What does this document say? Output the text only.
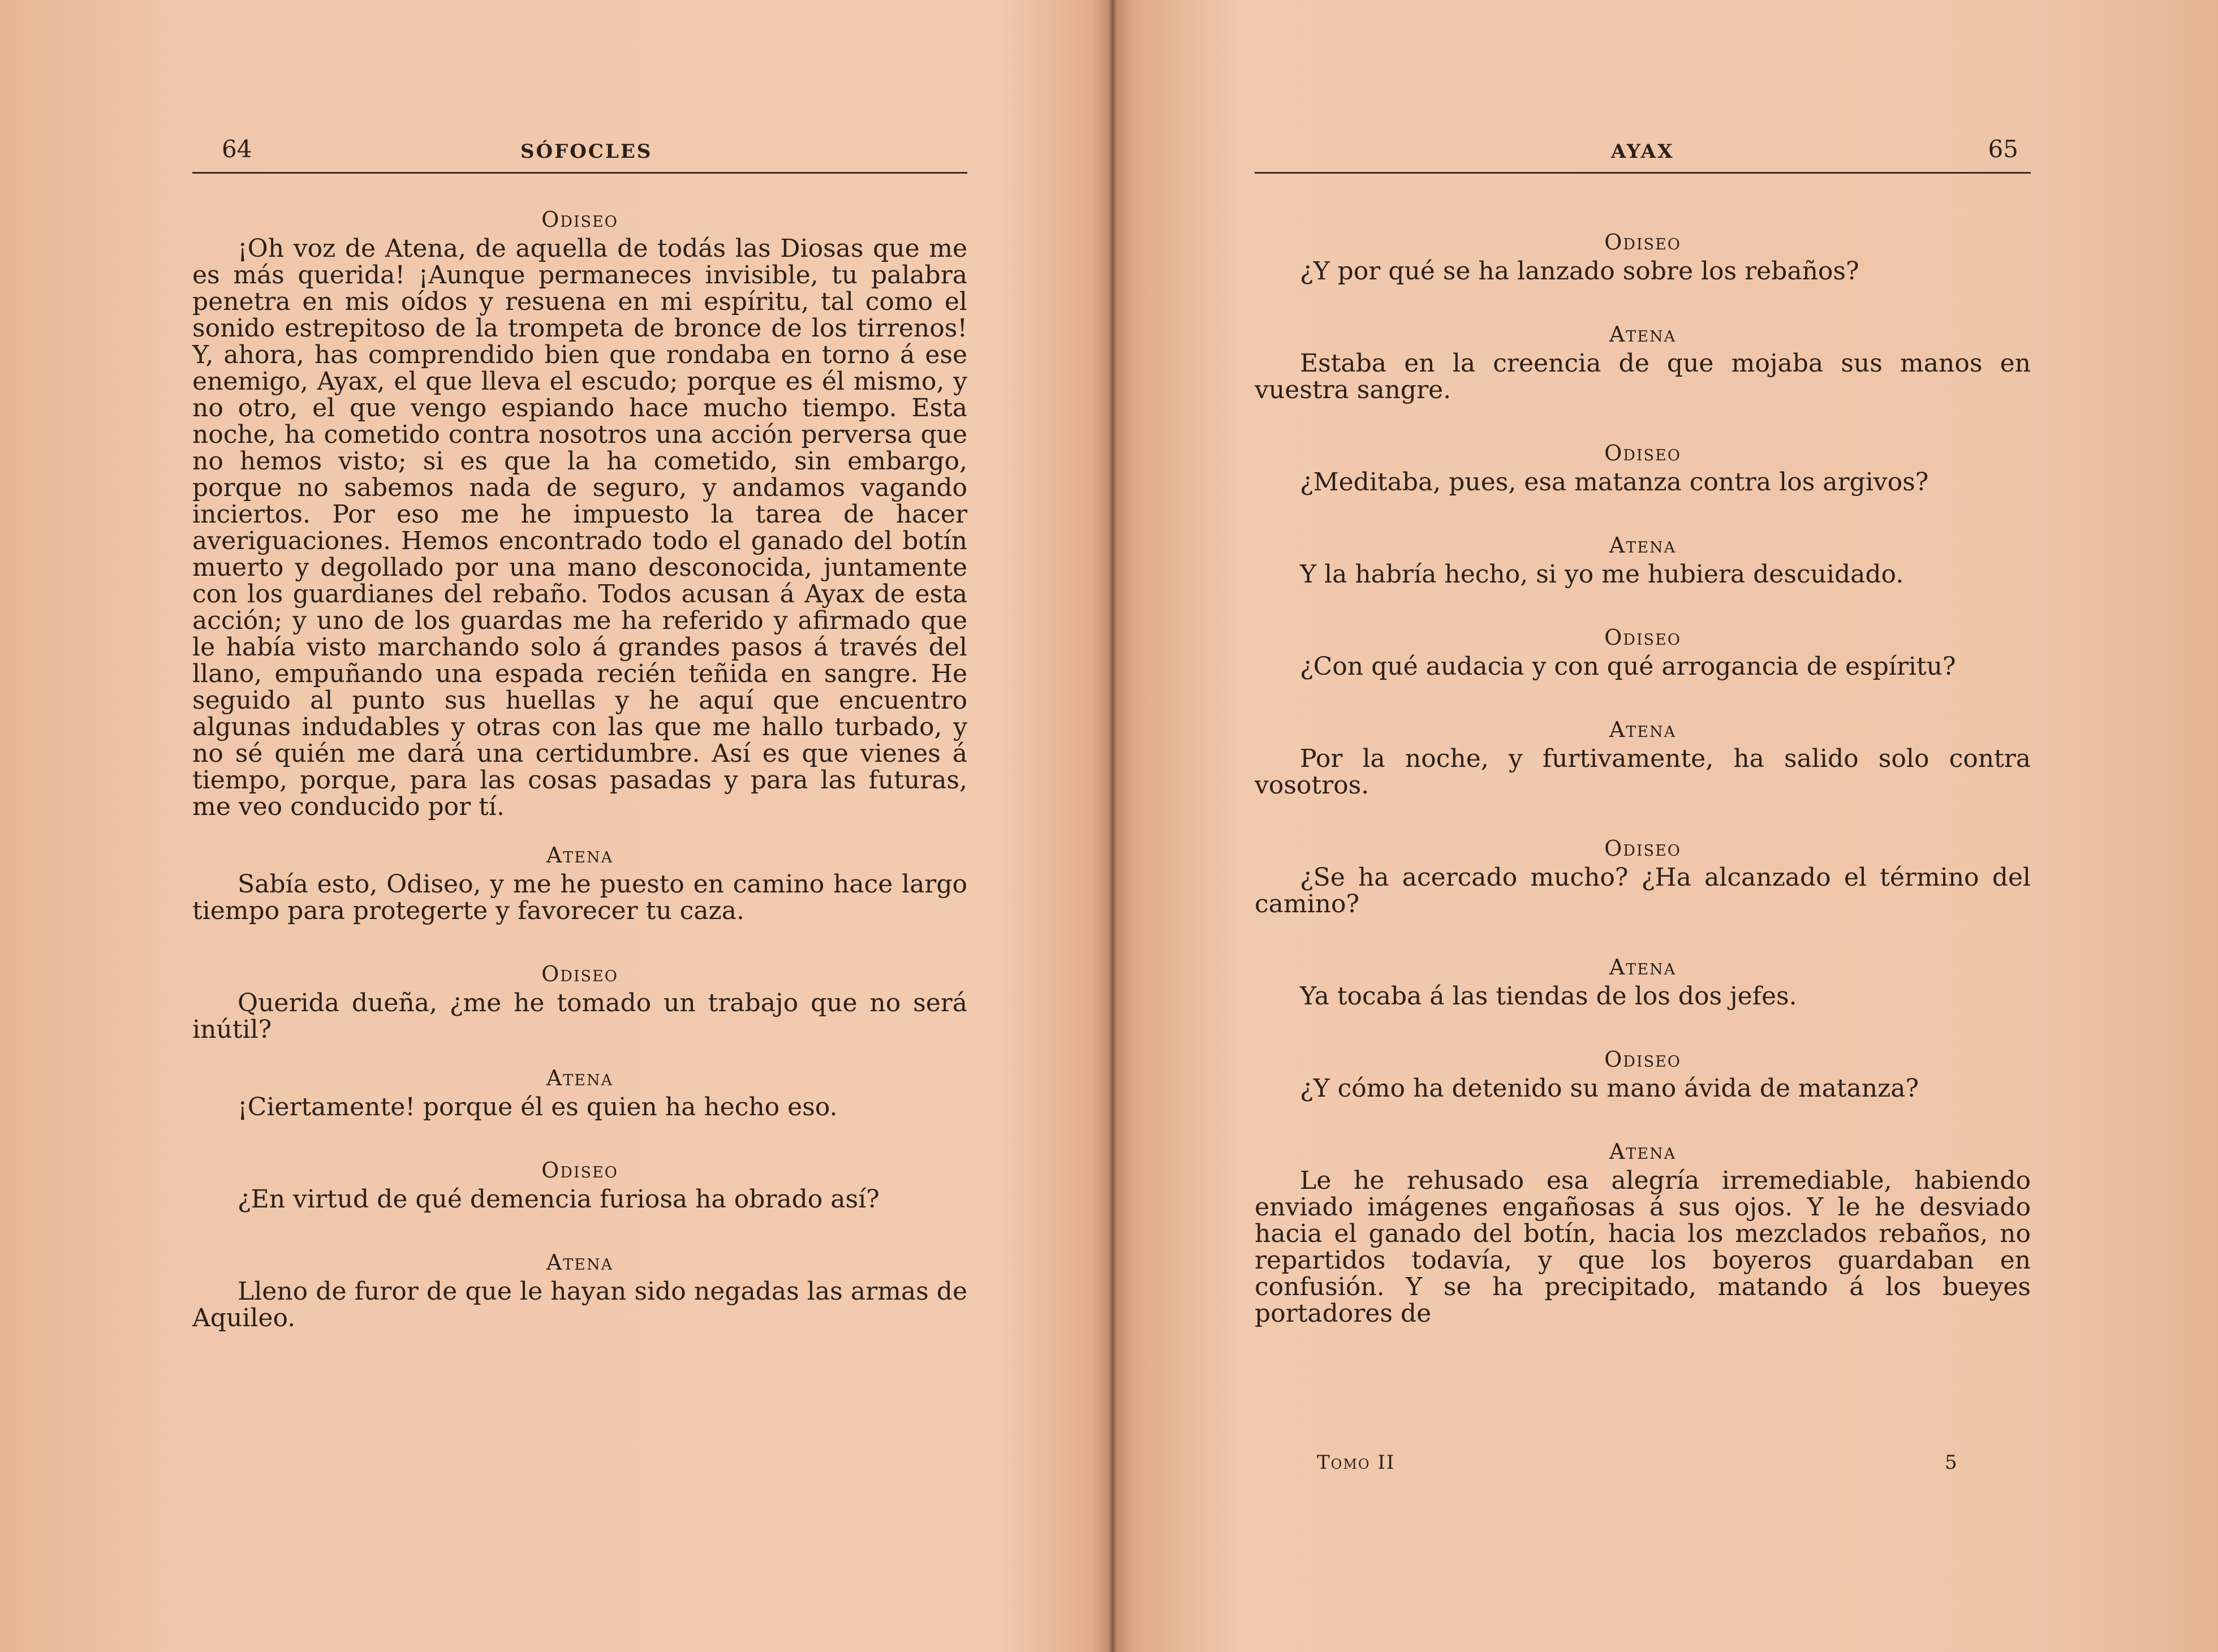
64	SÓFOCLES

Odiseo

¡Oh voz de Atena, de aquella de todás las Diosas que me es más querida! ¡Aunque permaneces invisible, tu palabra penetra en mis oídos y resuena en mi espíritu, tal como el sonido estrepitoso de la trompeta de bronce de los tirrenos! Y, ahora, has comprendido bien que rondaba en torno á ese enemigo, Ayax, el que lleva el escudo; porque es él mismo, y no otro, el que vengo espiando hace mucho tiempo. Esta noche, ha cometido contra nosotros una acción perversa que no hemos visto; si es que la ha cometido, sin embargo, porque no sabemos nada de seguro, y andamos vagando inciertos. Por eso me he impuesto la tarea de hacer averiguaciones. Hemos encontrado todo el ganado del botín muerto y degollado por una mano desconocida, juntamente con los guardianes del rebaño. Todos acusan á Ayax de esta acción; y uno de los guardas me ha referido y afirmado que le había visto marchando solo á grandes pasos á través del llano, empuñando una espada recién teñida en sangre. He seguido al punto sus huellas y he aquí que encuentro algunas indudables y otras con las que me hallo turbado, y no sé quién me dará una certidumbre. Así es que vienes á tiempo, porque, para las cosas pasadas y para las futuras, me veo conducido por tí.

Atena

Sabía esto, Odiseo, y me he puesto en camino hace largo tiempo para protegerte y favorecer tu caza.

Odiseo

Querida dueña, ¿me he tomado un trabajo que no será inútil?

Atena

¡Ciertamente! porque él es quien ha hecho eso.

Odiseo

¿En virtud de qué demencia furiosa ha obrado así?

Atena

Lleno de furor de que le hayan sido negadas las armas de Aquileo.

AYAX	65

Odiseo

¿Y por qué se ha lanzado sobre los rebaños?

Atena

Estaba en la creencia de que mojaba sus manos en vuestra sangre.

Odiseo

¿Meditaba, pues, esa matanza contra los argivos?

Atena

Y la habría hecho, si yo me hubiera descuidado.

Odiseo

¿Con qué audacia y con qué arrogancia de espíritu?

Atena

Por la noche, y furtivamente, ha salido solo contra vosotros.

Odiseo

¿Se ha acercado mucho? ¿Ha alcanzado el término del camino?

Atena

Ya tocaba á las tiendas de los dos jefes.

Odiseo

¿Y cómo ha detenido su mano ávida de matanza?

Atena

Le he rehusado esa alegría irremediable, habiendo enviado imágenes engañosas á sus ojos. Y le he desviado hacia el ganado del botín, hacia los mezclados rebaños, no repartidos todavía, y que los boyeros guardaban en confusión. Y se ha precipitado, matando á los bueyes portadores de

Tomo II	5
